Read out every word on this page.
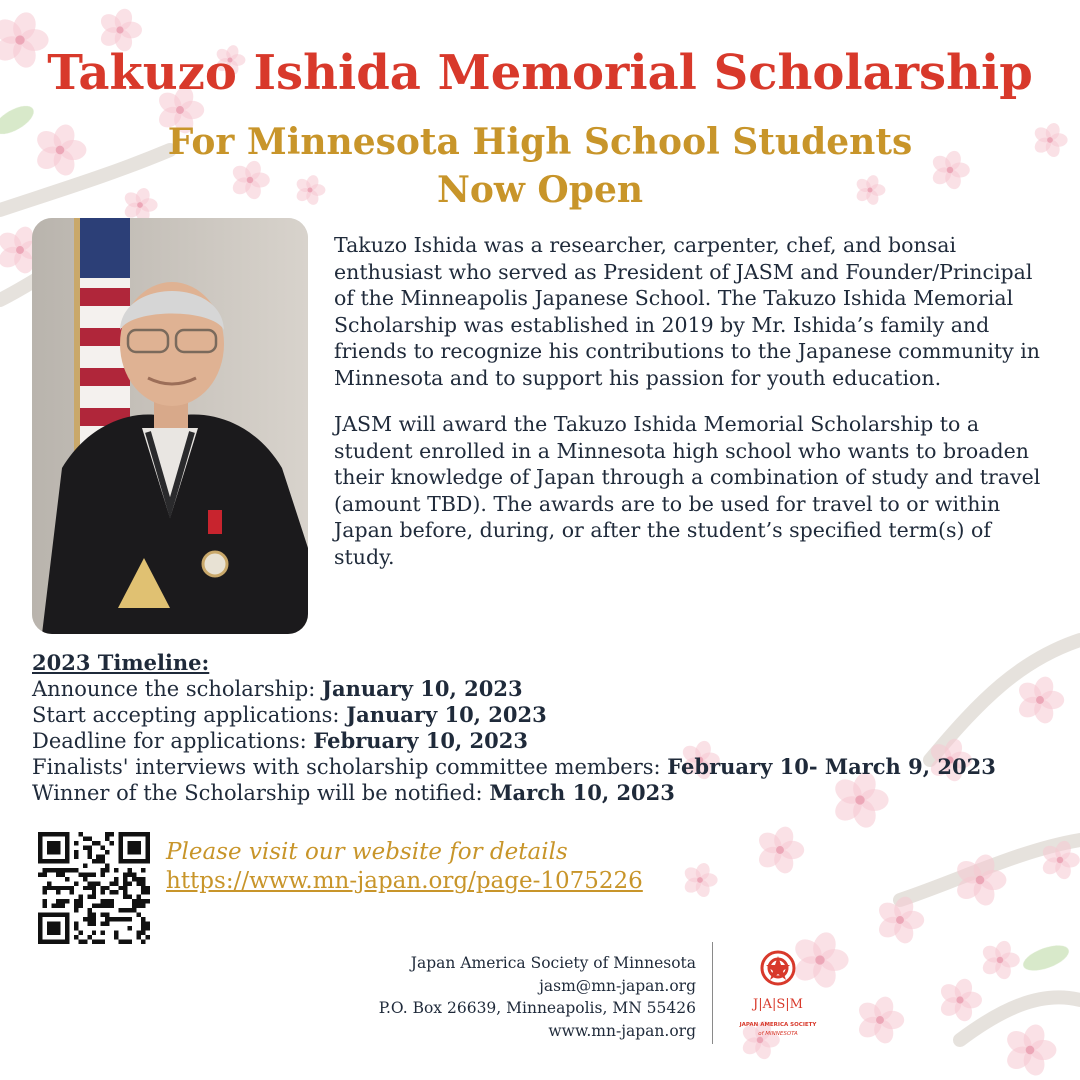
Takuzo Ishida Memorial Scholarship
For Minnesota High School Students
Now Open

Takuzo Ishida was a researcher, carpenter, chef, and bonsai enthusiast who served as President of JASM and Founder/Principal of the Minneapolis Japanese School. The Takuzo Ishida Memorial Scholarship was established in 2019 by Mr. Ishida’s family and friends to recognize his contributions to the Japanese community in Minnesota and to support his passion for youth education.

JASM will award the Takuzo Ishida Memorial Scholarship to a student enrolled in a Minnesota high school who wants to broaden their knowledge of Japan through a combination of study and travel (amount TBD). The awards are to be used for travel to or within Japan before, during, or after the student’s specified term(s) of study.

2023 Timeline:
Announce the scholarship: January 10, 2023
Start accepting applications: January 10, 2023
Deadline for applications: February 10, 2023
Finalists' interviews with scholarship committee members: February 10- March 9, 2023
Winner of the Scholarship will be notified: March 10, 2023
Please visit our website for details
https://www.mn-japan.org/page-1075226
Japan America Society of Minnesota
jasm@mn-japan.org
P.O. Box 26639, Minneapolis, MN 55426
www.mn-japan.org
J|A|S|M
JAPAN AMERICA SOCIETY
of MINNESOTA
